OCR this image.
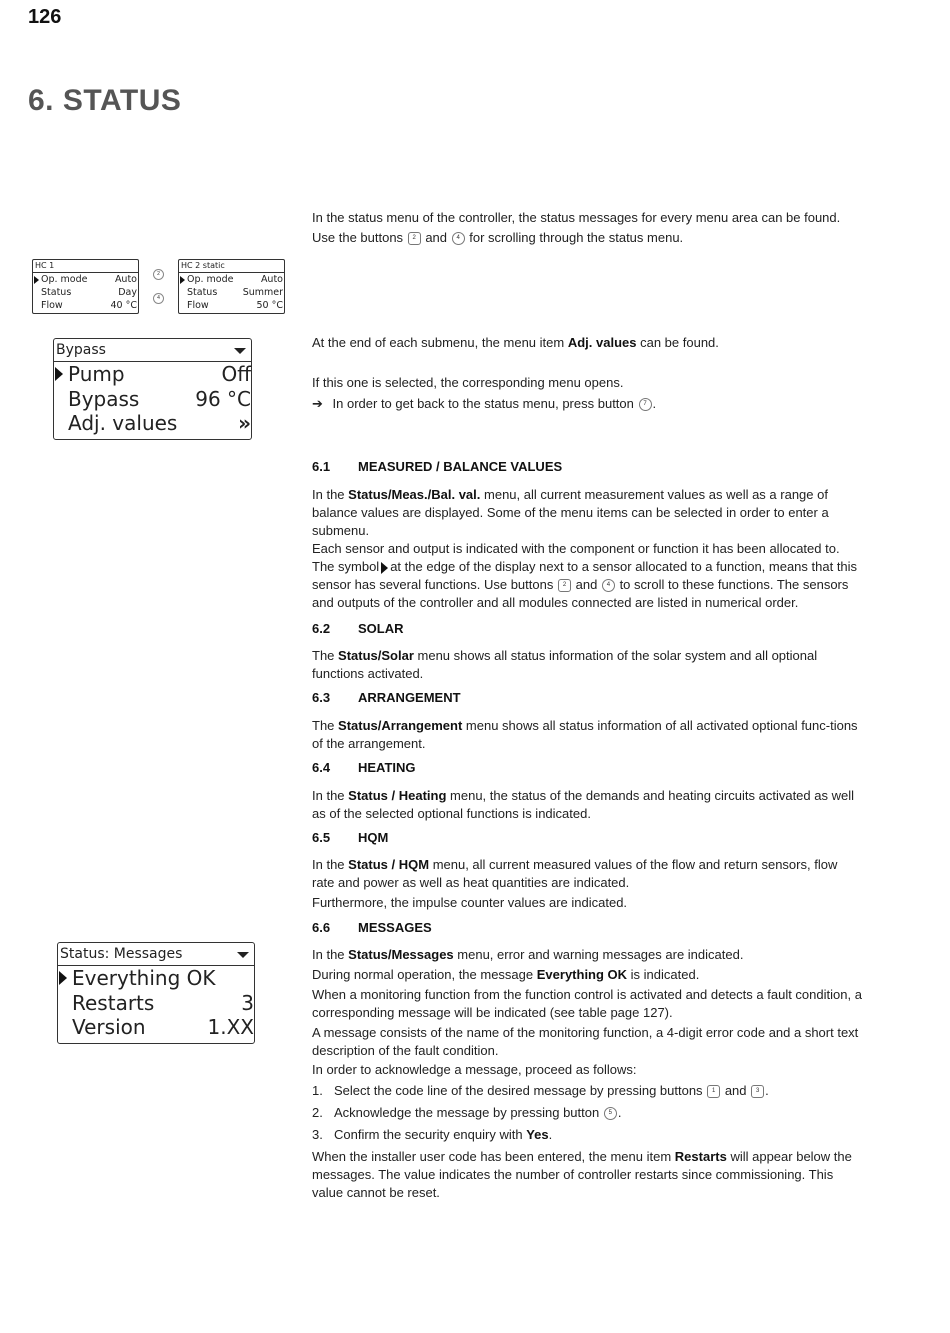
126
6. STATUS
In the status menu of the controller, the status messages for every menu area can be found.
Use the buttons 2 and 4 for scrolling through the status menu.
HC 1
Op. mode	Auto
Status	Day
Flow	40 °C
2
4
HC 2 static
Op. mode	Auto
Status	Summer
Flow	50 °C
Bypass
Pump	Off
Bypass	96 °C
Adj. values	»
At the end of each submenu, the menu item Adj. values can be found.
If this one is selected, the corresponding menu opens.
➔ In order to get back to the status menu, press button 7 .
6.1 MEASURED / BALANCE VALUES
In the Status/Meas./Bal. val. menu, all current measurement values as well as a range of balance values are displayed. Some of the menu items can be selected in order to enter a submenu.
Each sensor and output is indicated with the component or function it has been allocated to. The symbol at the edge of the display next to a sensor allocated to a function, means that this sensor has several functions. Use buttons 2 and 4 to scroll to these functions. The sensors and outputs of the controller and all modules connected are listed in numerical order.
6.2 SOLAR
The Status/Solar menu shows all status information of the solar system and all optional functions activated.
6.3 ARRANGEMENT
The Status/Arrangement menu shows all status information of all activated optional func-tions of the arrangement.
6.4 HEATING
In the Status / Heating menu, the status of the demands and heating circuits activated as well as of the selected optional functions is indicated.
6.5 HQM
In the Status / HQM menu, all current measured values of the flow and return sensors, flow rate and power as well as heat quantities are indicated.
Furthermore, the impulse counter values are indicated.
6.6 MESSAGES
In the Status/Messages menu, error and warning messages are indicated.
During normal operation, the message Everything OK is indicated.
When a monitoring function from the function control is activated and detects a fault condition, a corresponding message will be indicated (see table page 127).
A message consists of the name of the monitoring function, a 4-digit error code and a short text description of the fault condition.
In order to acknowledge a message, proceed as follows:
1. Select the code line of the desired message by pressing buttons 1 and 3 .
2. Acknowledge the message by pressing button 5 .
3. Confirm the security enquiry with Yes.
When the installer user code has been entered, the menu item Restarts will appear below the messages. The value indicates the number of controller restarts since commissioning. This value cannot be reset.
Status: Messages
Everything OK
Restarts	3
Version	1.XX
